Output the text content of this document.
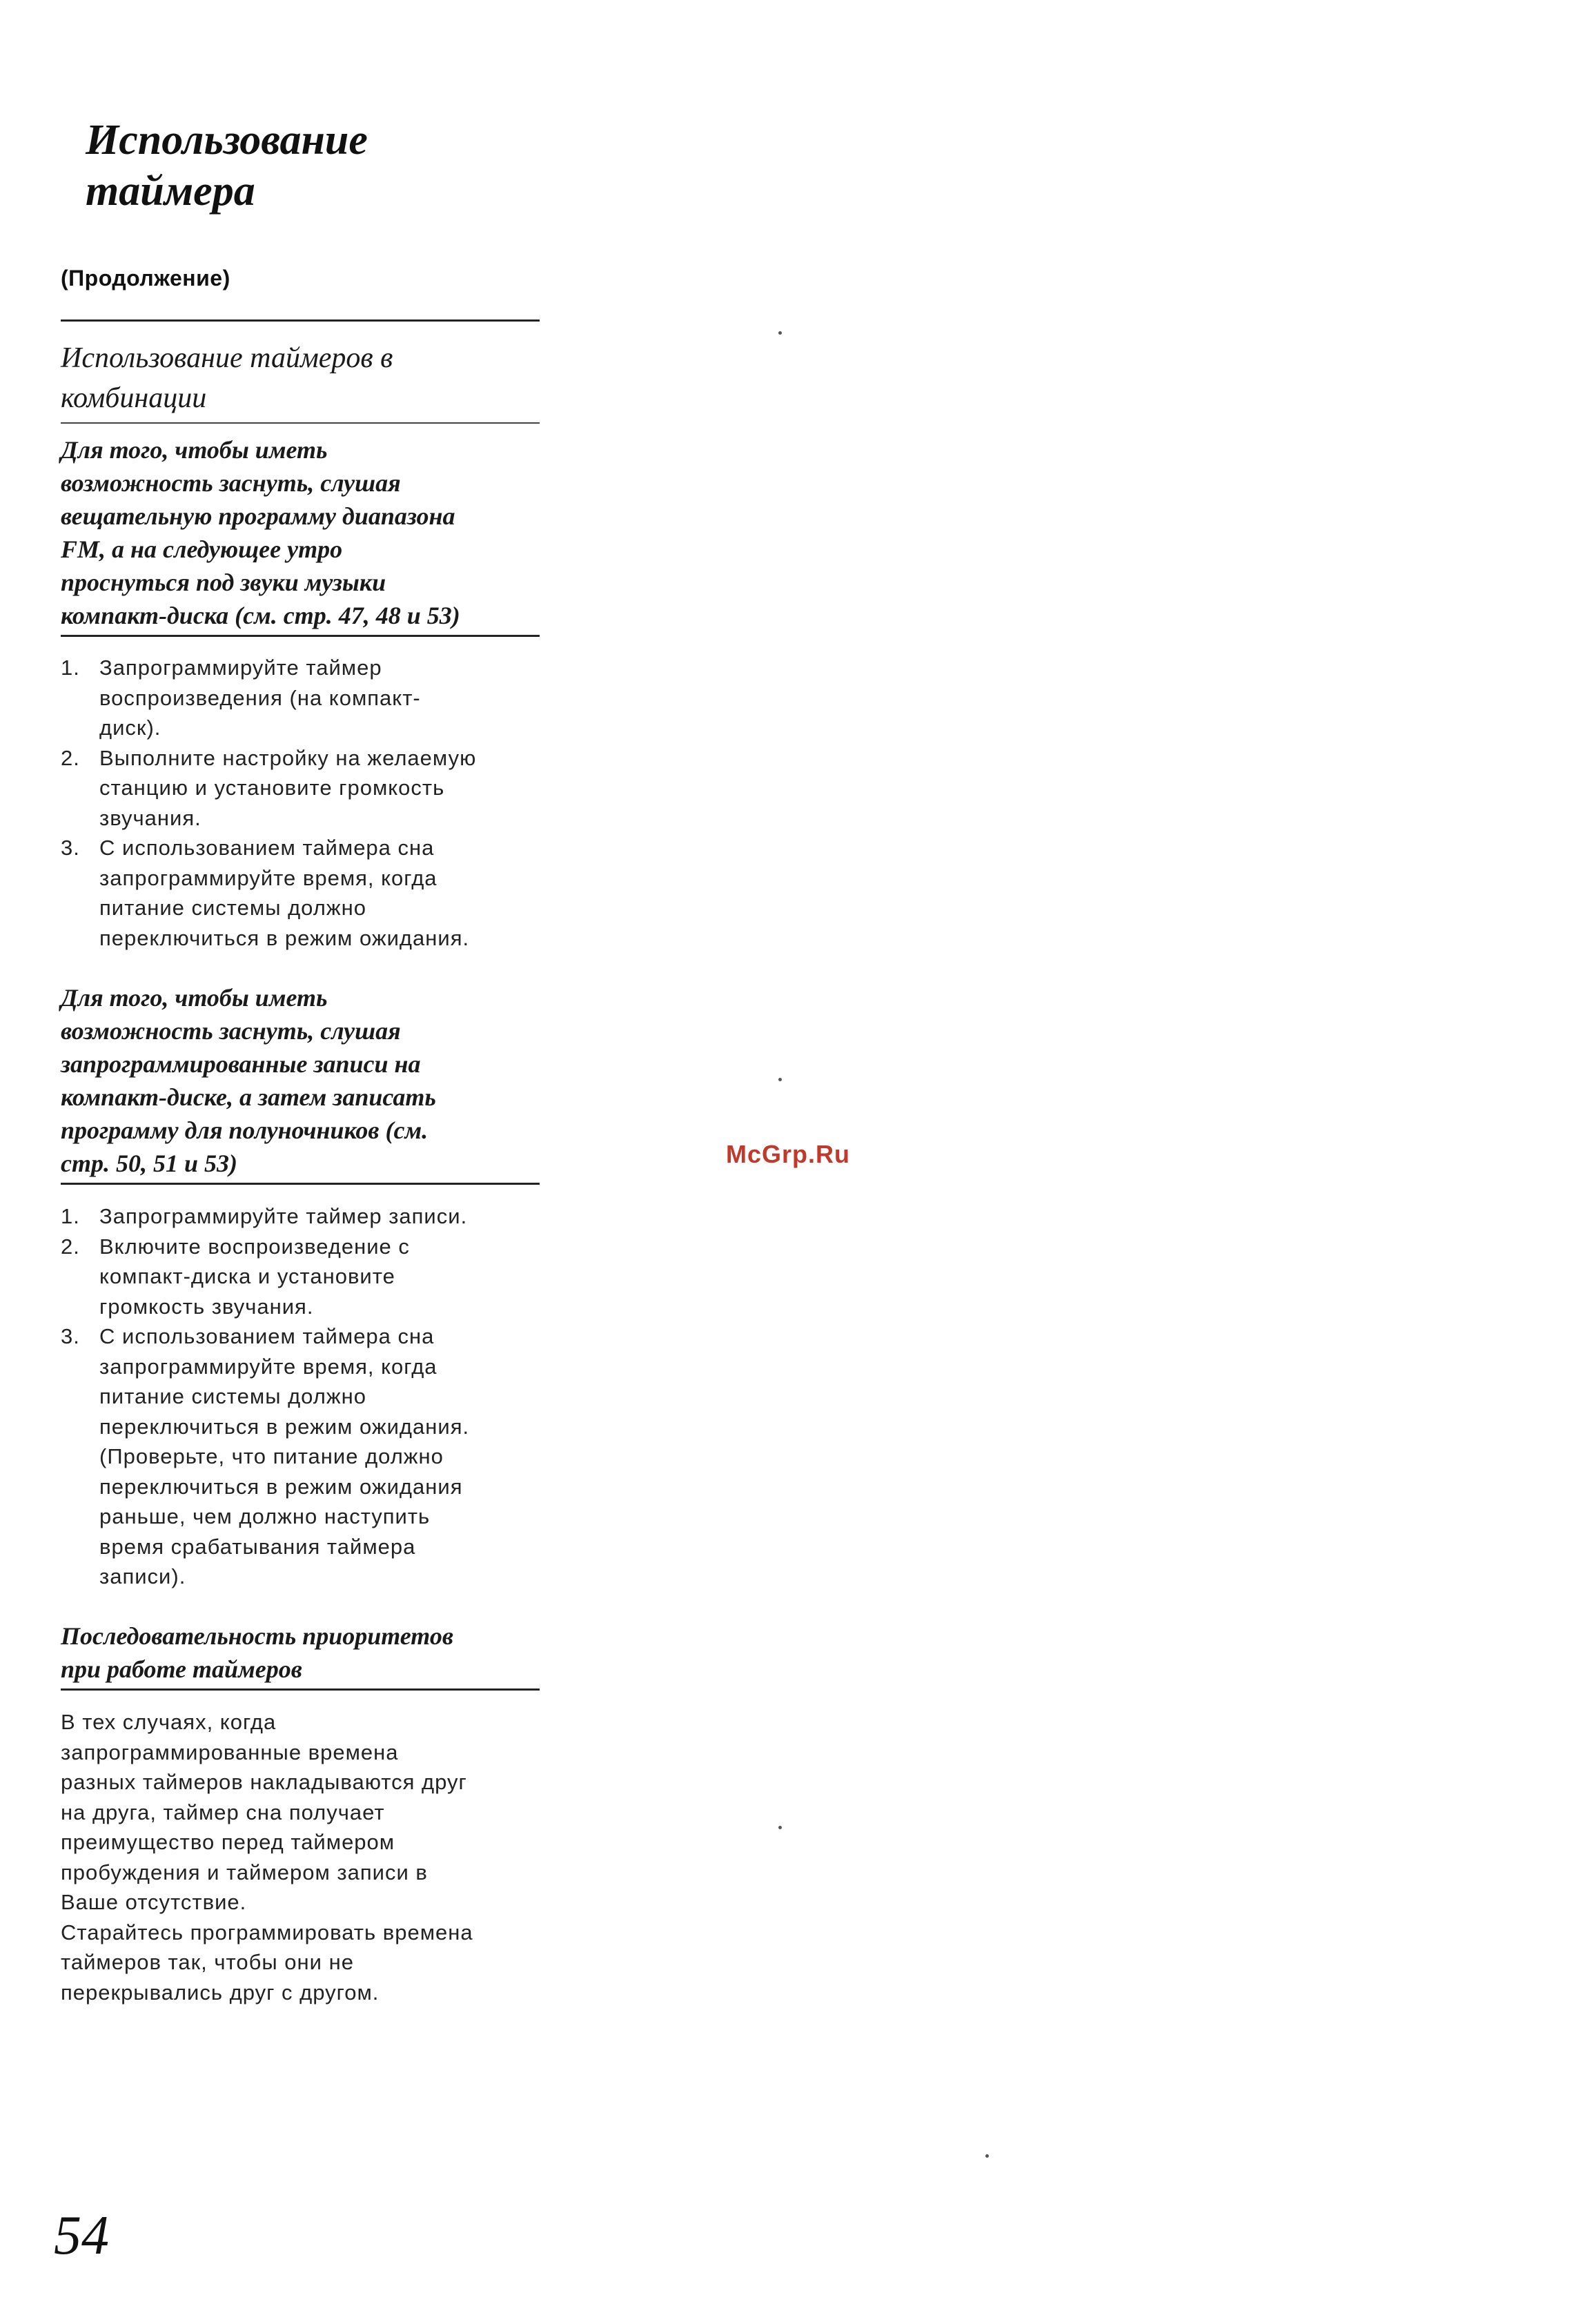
Использование
таймера
(Продолжение)
Использование таймеров в
комбинации
Для того, чтобы иметь
возможность заснуть, слушая
вещательную программу диапазона
FM, а на следующее утро
проснуться под звуки музыки
компакт-диска (см. стр. 47, 48 и 53)
1. Запрограммируйте таймер
воспроизведения (на компакт-
диск).
2. Выполните настройку на желаемую
станцию и установите громкость
звучания.
3. С использованием таймера сна
запрограммируйте время, когда
питание системы должно
переключиться в режим ожидания.
Для того, чтобы иметь
возможность заснуть, слушая
запрограммированные записи на
компакт-диске, а затем записать
программу для полуночников (см.
стр. 50, 51 и 53)
1. Запрограммируйте таймер записи.
2. Включите воспроизведение с
компакт-диска и установите
громкость звучания.
3. С использованием таймера сна
запрограммируйте время, когда
питание системы должно
переключиться в режим ожидания.
(Проверьте, что питание должно
переключиться в режим ожидания
раньше, чем должно наступить
время срабатывания таймера
записи).
Последовательность приоритетов
при работе таймеров
В тех случаях, когда
запрограммированные времена
разных таймеров накладываются друг
на друга, таймер сна получает
преимущество перед таймером
пробуждения и таймером записи в
Ваше отсутствие.
Старайтесь программировать времена
таймеров так, чтобы они не
перекрывались друг с другом.
McGrp.Ru
54
